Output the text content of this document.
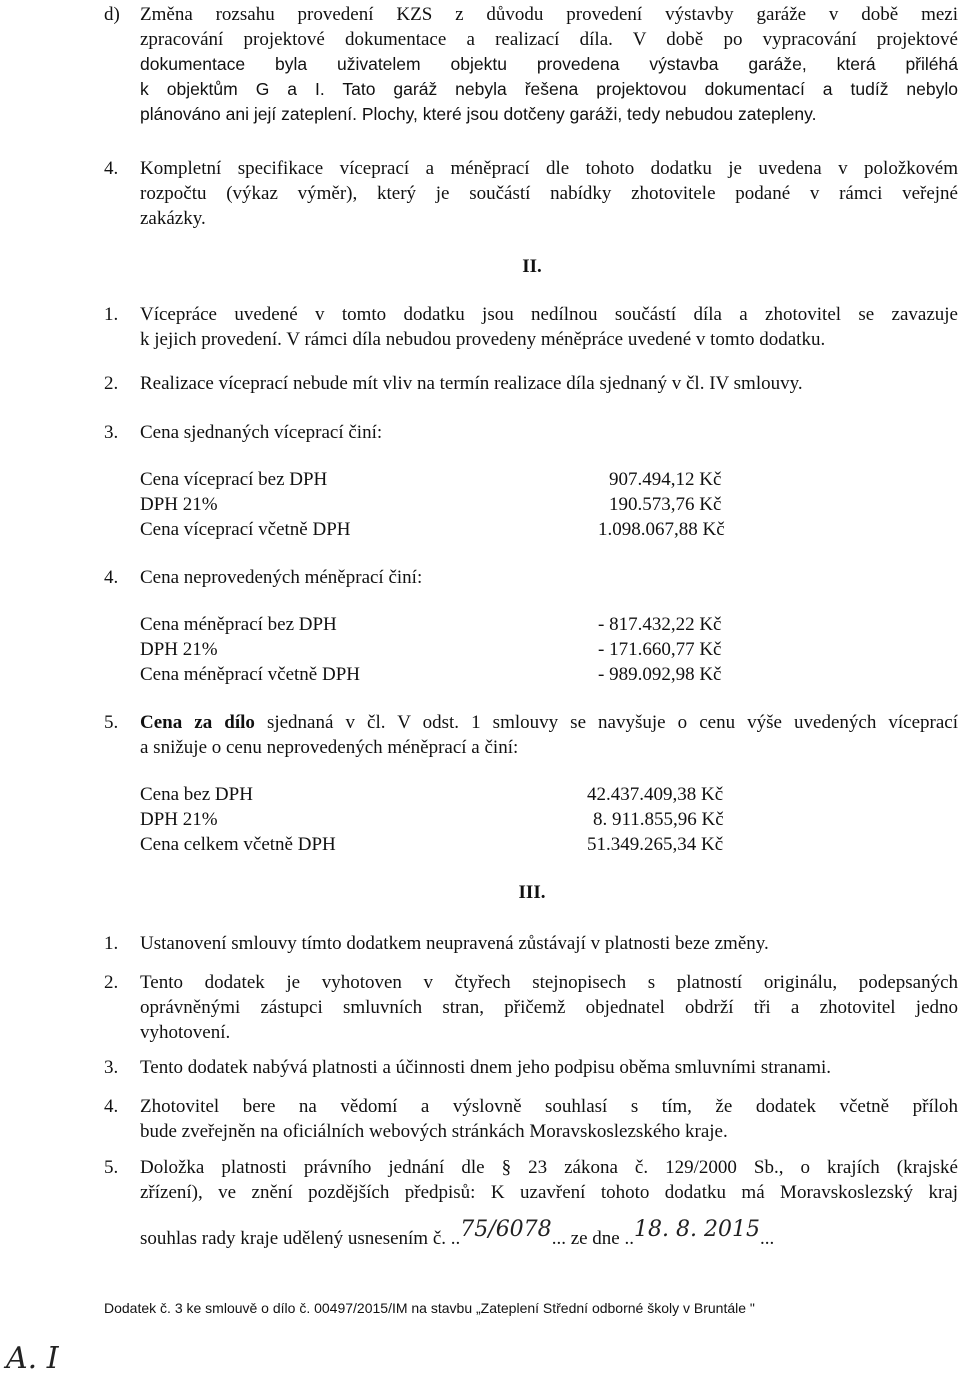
d) Změna rozsahu provedení KZS z důvodu provedení výstavby garáže v době mezi
zpracování projektové dokumentace a realizací díla. V době po vypracování projektové
dokumentace byla uživatelem objektu provedena výstavba garáže, která přiléhá
k objektům G a I. Tato garáž nebyla řešena projektovou dokumentací a tudíž nebylo
plánováno ani její zateplení. Plochy, které jsou dotčeny garáži, tedy nebudou zatepleny.
4. Kompletní specifikace víceprací a méněprací dle tohoto dodatku je uvedena v položkovém
rozpočtu (výkaz výměr), který je součástí nabídky zhotovitele podané v rámci veřejné
zakázky.
II.
1. Vícepráce uvedené v tomto dodatku jsou nedílnou součástí díla a zhotovitel se zavazuje
k jejich provedení. V rámci díla nebudou provedeny méněpráce uvedené v tomto dodatku.
2. Realizace víceprací nebude mít vliv na termín realizace díla sjednaný v čl. IV smlouvy.
3. Cena sjednaných víceprací činí:
Cena víceprací bez DPH	907.494,12 Kč
DPH 21%	190.573,76 Kč
Cena víceprací včetně DPH	1.098.067,88 Kč
4. Cena neprovedených méněprací činí:
Cena méněprací bez DPH	- 817.432,22 Kč
DPH 21%	- 171.660,77 Kč
Cena méněprací včetně DPH	- 989.092,98 Kč
5. Cena za dílo sjednaná v čl. V odst. 1 smlouvy se navyšuje o cenu výše uvedených víceprací
a snižuje o cenu neprovedených méněprací a činí:
Cena bez DPH	42.437.409,38 Kč
DPH 21%	8. 911.855,96 Kč
Cena celkem včetně DPH	51.349.265,34 Kč
III.
1. Ustanovení smlouvy tímto dodatkem neupravená zůstávají v platnosti beze změny.
2. Tento dodatek je vyhotoven v čtyřech stejnopisech s platností originálu, podepsaných
oprávněnými zástupci smluvních stran, přičemž objednatel obdrží tři a zhotovitel jedno
vyhotovení.
3. Tento dodatek nabývá platnosti a účinnosti dnem jeho podpisu oběma smluvními stranami.
4. Zhotovitel bere na vědomí a výslovně souhlasí s tím, že dodatek včetně příloh
bude zveřejněn na oficiálních webových stránkách Moravskoslezského kraje.
5. Doložka platnosti právního jednání dle § 23 zákona č. 129/2000 Sb., o krajích (krajské
zřízení), ve znění pozdějších předpisů: K uzavření tohoto dodatku má Moravskoslezský kraj
souhlas rady kraje udělený usnesením č. ..75/6078... ze dne ..18. 8. 2015...
Dodatek č. 3 ke smlouvě o dílo č. 00497/2015/IM na stavbu „Zateplení Střední odborné školy v Bruntále "
A. I
